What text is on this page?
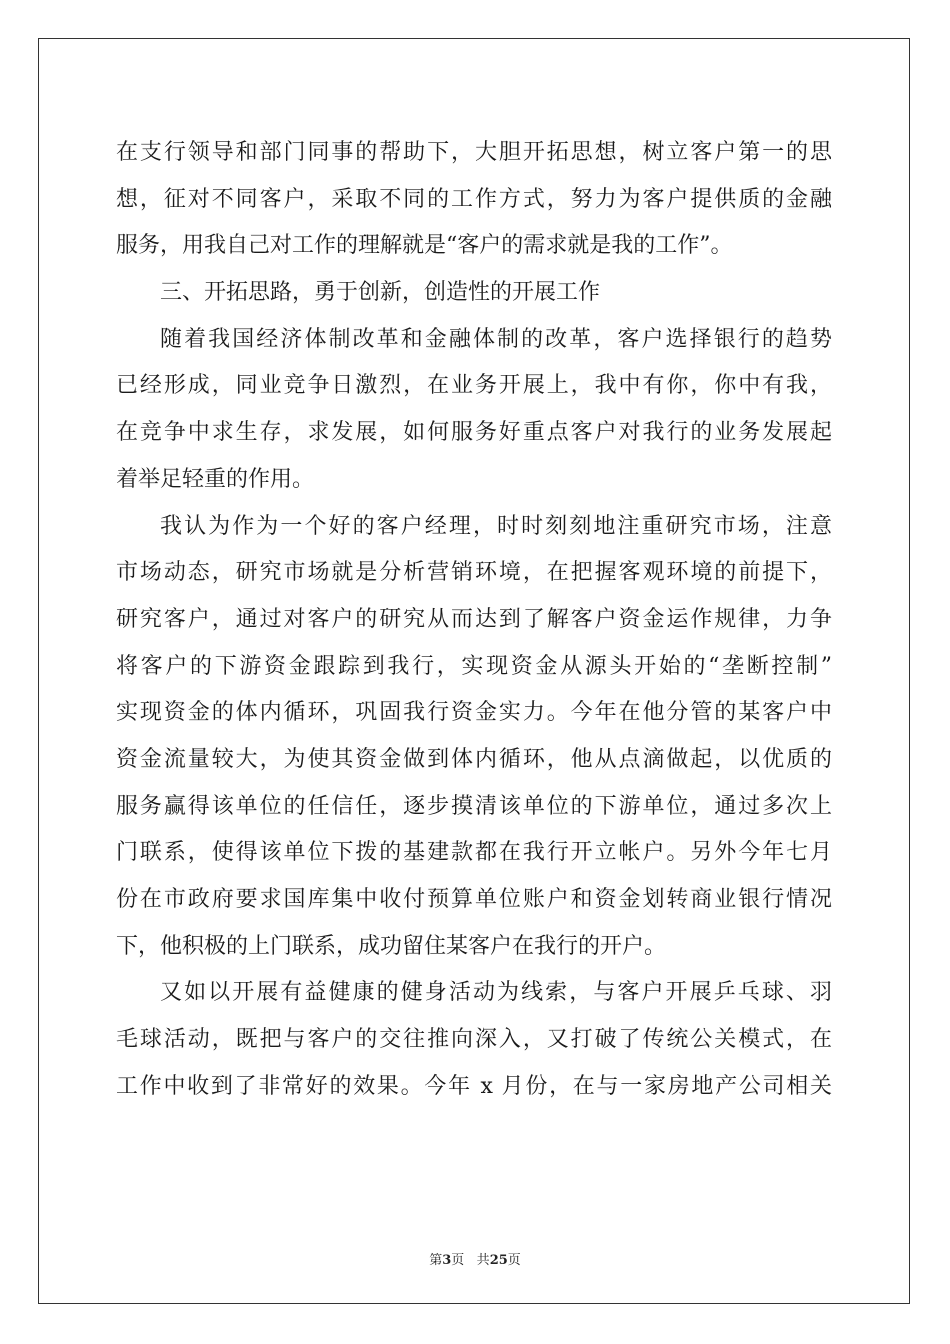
在支行领导和部门同事的帮助下，大胆开拓思想，树立客户第一的思
想，征对不同客户，采取不同的工作方式，努力为客户提供质的金融
服务，用我自己对工作的理解就是“客户的需求就是我的工作”。
三、开拓思路，勇于创新，创造性的开展工作
随着我国经济体制改革和金融体制的改革，客户选择银行的趋势
已经形成，同业竞争日激烈，在业务开展上，我中有你，你中有我，
在竞争中求生存，求发展，如何服务好重点客户对我行的业务发展起
着举足轻重的作用。
我认为作为一个好的客户经理，时时刻刻地注重研究市场，注意
市场动态，研究市场就是分析营销环境，在把握客观环境的前提下，
研究客户，通过对客户的研究从而达到了解客户资金运作规律，力争
将客户的下游资金跟踪到我行，实现资金从源头开始的“垄断控制”
实现资金的体内循环，巩固我行资金实力。今年在他分管的某客户中
资金流量较大，为使其资金做到体内循环，他从点滴做起，以优质的
服务赢得该单位的任信任，逐步摸清该单位的下游单位，通过多次上
门联系，使得该单位下拨的基建款都在我行开立帐户。另外今年七月
份在市政府要求国库集中收付预算单位账户和资金划转商业银行情况
下，他积极的上门联系，成功留住某客户在我行的开户。
又如以开展有益健康的健身活动为线索，与客户开展乒乓球、羽
毛球活动，既把与客户的交往推向深入，又打破了传统公关模式，在
工作中收到了非常好的效果。今年 x 月份，在与一家房地产公司相关
第3页 共25页
